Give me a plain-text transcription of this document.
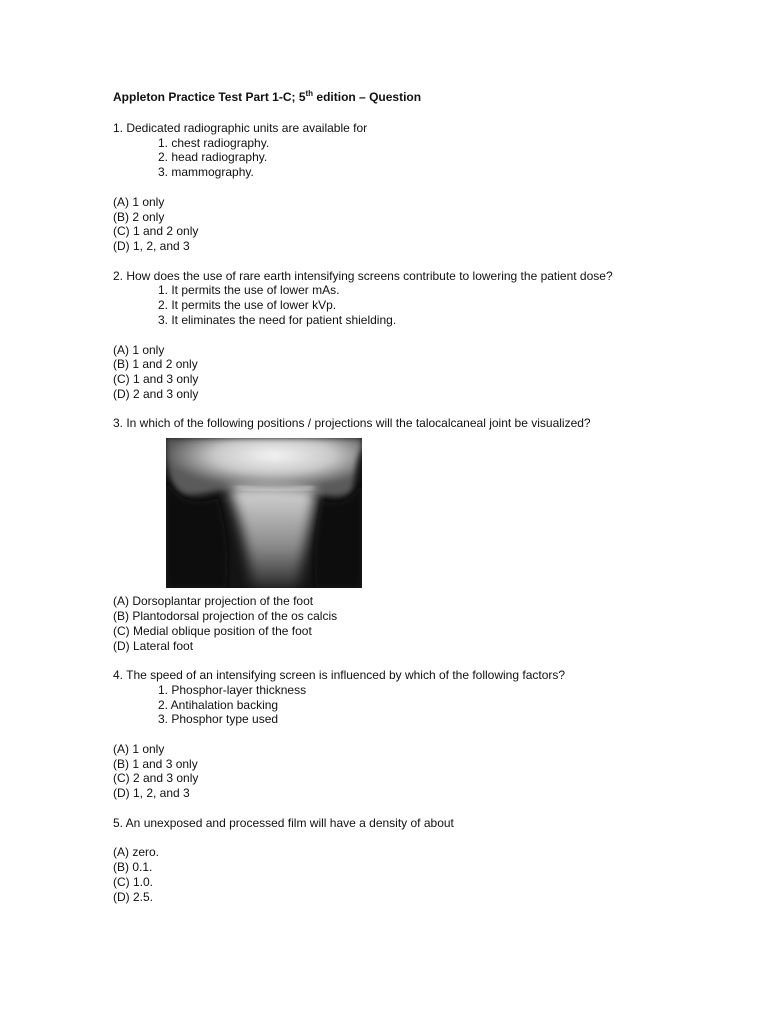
Appleton Practice Test Part 1-C; 5th edition – Question

1. Dedicated radiographic units are available for

1. chest radiography.
2. head radiography.
3. mammography.
(A) 1 only
(B) 2 only
(C) 1 and 2 only
(D) 1, 2, and 3

2. How does the use of rare earth intensifying screens contribute to lowering the patient dose?

1. It permits the use of lower mAs.
2. It permits the use of lower kVp.
3. It eliminates the need for patient shielding.
(A) 1 only
(B) 1 and 2 only
(C) 1 and 3 only
(D) 2 and 3 only

3. In which of the following positions / projections will the talocalcaneal joint be visualized?

(A) Dorsoplantar projection of the foot
(B) Plantodorsal projection of the os calcis
(C) Medial oblique position of the foot
(D) Lateral foot

4. The speed of an intensifying screen is influenced by which of the following factors?

1. Phosphor-layer thickness
2. Antihalation backing
3. Phosphor type used
(A) 1 only
(B) 1 and 3 only
(C) 2 and 3 only
(D) 1, 2, and 3

5. An unexposed and processed film will have a density of about

(A) zero.
(B) 0.1.
(C) 1.0.
(D) 2.5.
